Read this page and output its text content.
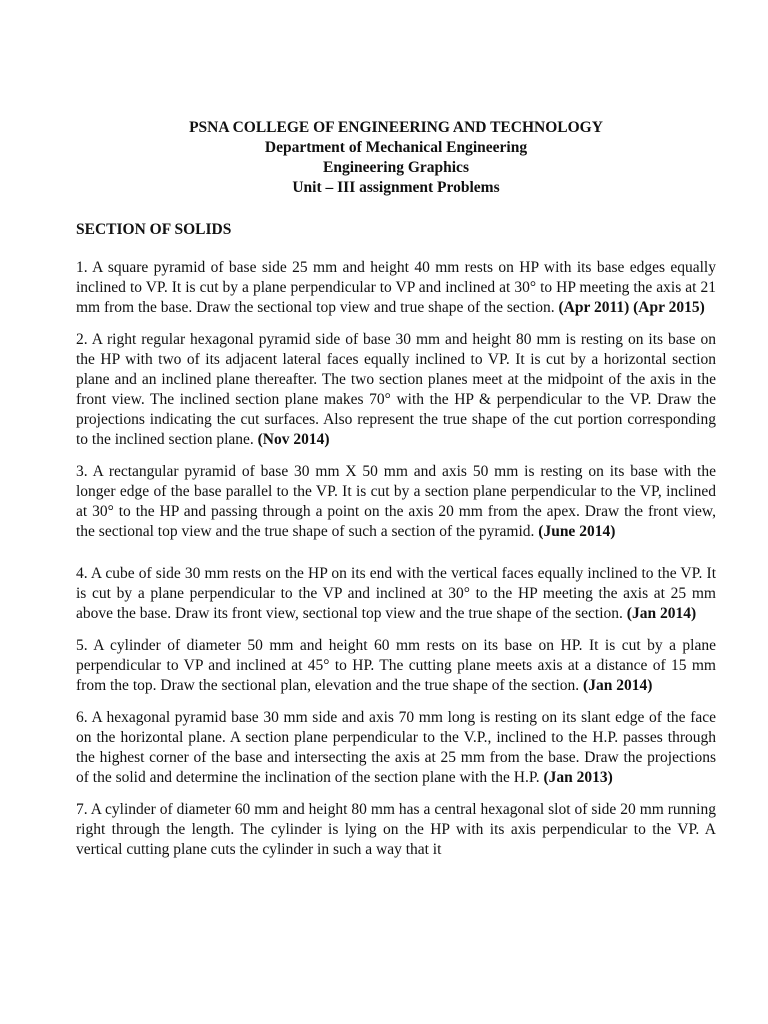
PSNA COLLEGE OF ENGINEERING AND TECHNOLOGY
Department of Mechanical Engineering
Engineering Graphics
Unit – III assignment Problems
SECTION OF SOLIDS
1. A square pyramid of base side 25 mm and height 40 mm rests on HP with its base edges equally inclined to VP. It is cut by a plane perpendicular to VP and inclined at 30° to HP meeting the axis at 21 mm from the base. Draw the sectional top view and true shape of the section. (Apr 2011) (Apr 2015)
2. A right regular hexagonal pyramid side of base 30 mm and height 80 mm is resting on its base on the HP with two of its adjacent lateral faces equally inclined to VP. It is cut by a horizontal section plane and an inclined plane thereafter. The two section planes meet at the midpoint of the axis in the front view. The inclined section plane makes 70° with the HP & perpendicular to the VP. Draw the projections indicating the cut surfaces. Also represent the true shape of the cut portion corresponding to the inclined section plane. (Nov 2014)
3. A rectangular pyramid of base 30 mm X 50 mm and axis 50 mm is resting on its base with the longer edge of the base parallel to the VP. It is cut by a section plane perpendicular to the VP, inclined at 30° to the HP and passing through a point on the axis 20 mm from the apex. Draw the front view, the sectional top view and the true shape of such a section of the pyramid. (June 2014)
4. A cube of side 30 mm rests on the HP on its end with the vertical faces equally inclined to the VP. It is cut by a plane perpendicular to the VP and inclined at 30° to the HP meeting the axis at 25 mm above the base. Draw its front view, sectional top view and the true shape of the section. (Jan 2014)
5. A cylinder of diameter 50 mm and height 60 mm rests on its base on HP. It is cut by a plane perpendicular to VP and inclined at 45° to HP. The cutting plane meets axis at a distance of 15 mm from the top. Draw the sectional plan, elevation and the true shape of the section. (Jan 2014)
6. A hexagonal pyramid base 30 mm side and axis 70 mm long is resting on its slant edge of the face on the horizontal plane. A section plane perpendicular to the V.P., inclined to the H.P. passes through the highest corner of the base and intersecting the axis at 25 mm from the base. Draw the projections of the solid and determine the inclination of the section plane with the H.P. (Jan 2013)
7. A cylinder of diameter 60 mm and height 80 mm has a central hexagonal slot of side 20 mm running right through the length. The cylinder is lying on the HP with its axis perpendicular to the VP. A vertical cutting plane cuts the cylinder in such a way that it
